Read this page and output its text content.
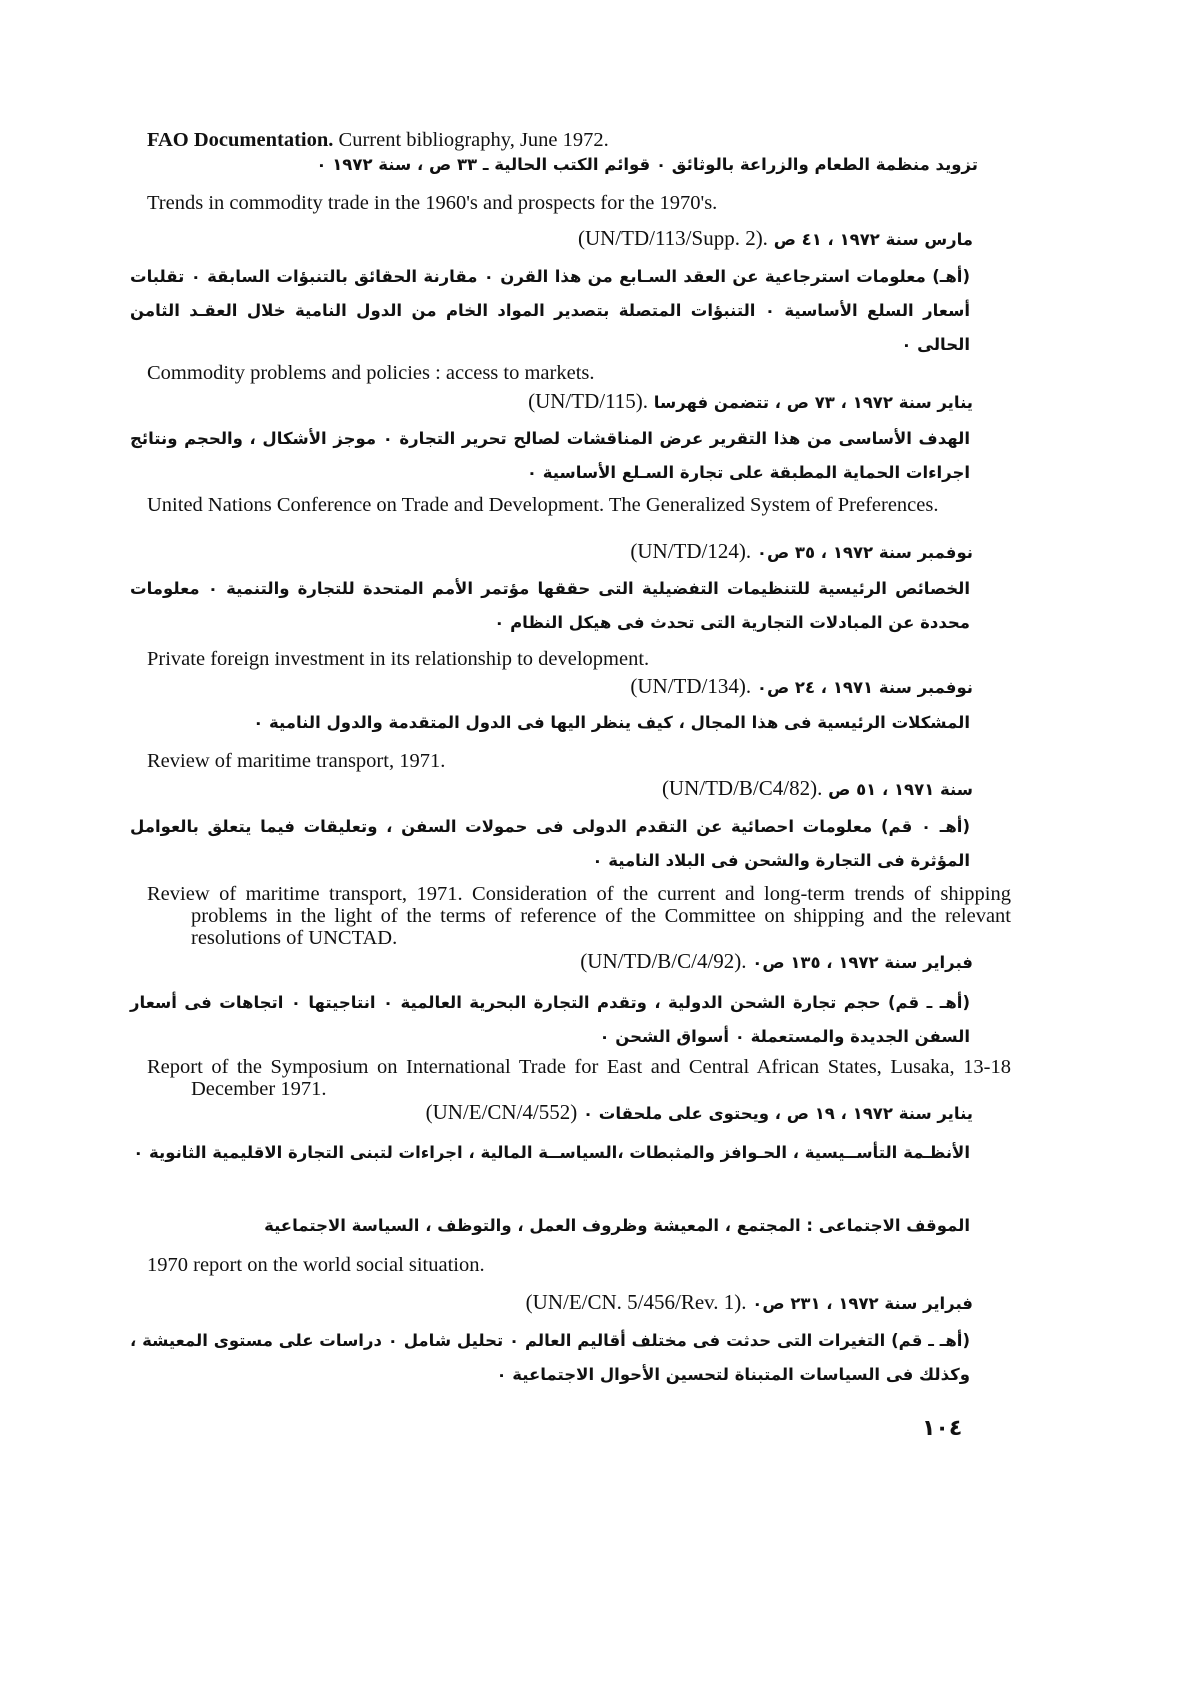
FAO Documentation. Current bibliography, June 1972.
تزويد منظمة الطعام والزراعة بالوثائق ٠ قوائم الكتب الحالية ـ ٣٣ ص ، سنة ١٩٧٢ ٠
Trends in commodity trade in the 1960's and prospects for the 1970's.
مارس سنة ١٩٧٢ ، ٤١ ص (UN/TD/113/Supp. 2).
(أهـ) معلومات استرجاعية عن العقد السـابع من هذا القرن ٠ مقارنة الحقائق بالتنبؤات السابقة ٠ تقلبات أسعار السلع الأساسية ٠ التنبؤات المتصلة بتصدير المواد الخام من الدول النامية خلال العقـد الثامن الحالى ٠
Commodity problems and policies : access to markets.
يناير سنة ١٩٧٢ ، ٧٣ ص ، تتضمن فهرسا (UN/TD/115).
الهدف الأساسى من هذا التقرير عرض المناقشات لصالح تحرير التجارة ٠ موجز الأشكال ، والحجم ونتائج اجراءات الحماية المطبقة على تجارة السـلع الأساسية ٠
United Nations Conference on Trade and Development. The Generalized System of Preferences.
نوفمبر سنة ١٩٧٢ ، ٣٥ ص٠ (UN/TD/124).
الخصائص الرئيسية للتنظيمات التفضيلية التى حققها مؤتمر الأمم المتحدة للتجارة والتنمية ٠ معلومات محددة عن المبادلات التجارية التى تحدث فى هيكل النظام ٠
Private foreign investment in its relationship to development.
نوفمبر سنة ١٩٧١ ، ٢٤ ص٠ (UN/TD/134).
المشكلات الرئيسية فى هذا المجال ، كيف ينظر اليها فى الدول المتقدمة والدول النامية ٠
Review of maritime transport, 1971.
سنة ١٩٧١ ، ٥١ ص (UN/TD/B/C4/82).
(أهـ ٠ قم) معلومات احصائية عن التقدم الدولى فى حمولات السفن ، وتعليقات فيما يتعلق بالعوامل المؤثرة فى التجارة والشحن فى البلاد النامية ٠
Review of maritime transport, 1971. Consideration of the current and long-term trends of shipping problems in the light of the terms of reference of the Committee on shipping and the relevant resolutions of UNCTAD.
فبراير سنة ١٩٧٢ ، ١٣٥ ص٠ (UN/TD/B/C/4/92).
(أهـ ـ قم) حجم تجارة الشحن الدولية ، وتقدم التجارة البحرية العالمية ٠ انتاجيتها ٠ اتجاهات فى أسعار السفن الجديدة والمستعملة ٠ أسواق الشحن ٠
Report of the Symposium on International Trade for East and Central African States, Lusaka, 13-18 December 1971.
يناير سنة ١٩٧٢ ، ١٩ ص ، ويحتوى على ملحقات ٠ (UN/E/CN/4/552)
الأنظـمة التأســيسية ، الحـوافز والمثبطات ،السياســة المالية ، اجراءات لتبنى التجارة الاقليمية الثانوية ٠
الموقف الاجتماعى : المجتمع ، المعيشة وظروف العمل ، والتوظف ، السياسة الاجتماعية
1970 report on the world social situation.
فبراير سنة ١٩٧٢ ، ٢٣١ ص٠ (UN/E/CN. 5/456/Rev. 1).
(أهـ ـ قم) التغيرات التى حدثت فى مختلف أقاليم العالم ٠ تحليل شامل ٠ دراسات على مستوى المعيشة ، وكذلك فى السياسات المتبناة لتحسين الأحوال الاجتماعية ٠
١٠٤
